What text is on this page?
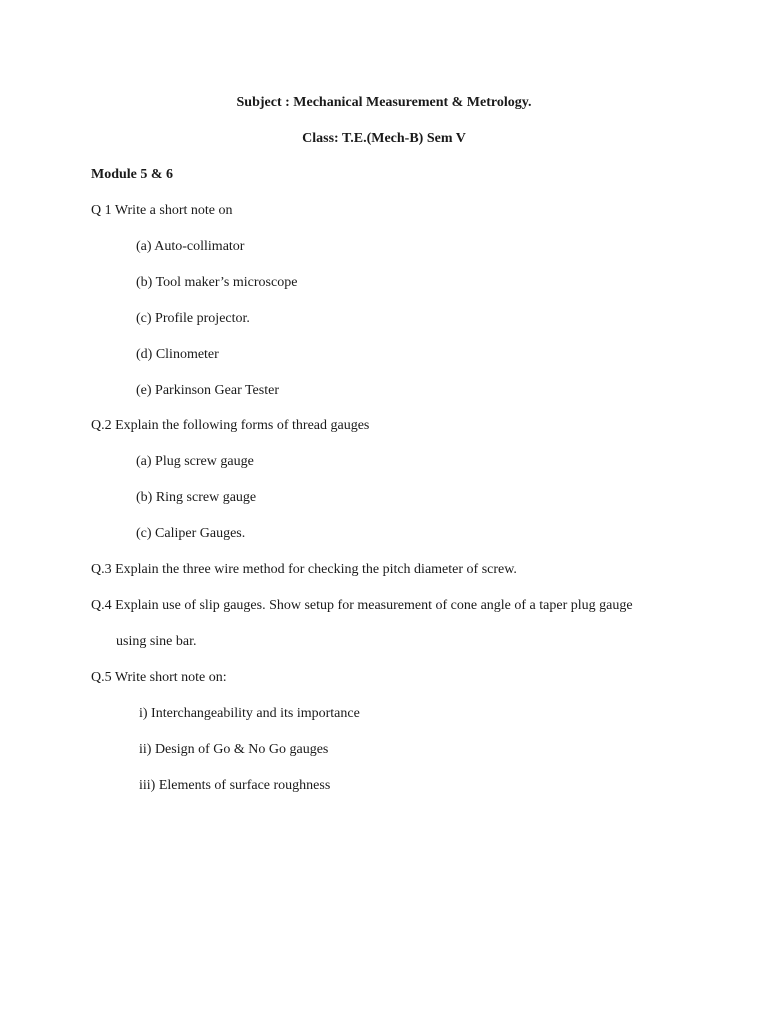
Subject : Mechanical Measurement & Metrology.
Class: T.E.(Mech-B) Sem V
Module 5 & 6
Q 1 Write a short note on
(a) Auto-collimator
(b) Tool maker’s microscope
(c) Profile projector.
(d) Clinometer
(e) Parkinson Gear Tester
Q.2 Explain the following forms of thread gauges
(a) Plug screw gauge
(b) Ring screw gauge
(c) Caliper Gauges.
Q.3 Explain the three wire method for checking the pitch diameter of screw.
Q.4 Explain use of slip gauges. Show setup for measurement of cone angle of a taper plug gauge
using sine bar.
Q.5 Write short note on:
i) Interchangeability and its importance
ii) Design of Go & No Go gauges
iii) Elements of surface roughness
